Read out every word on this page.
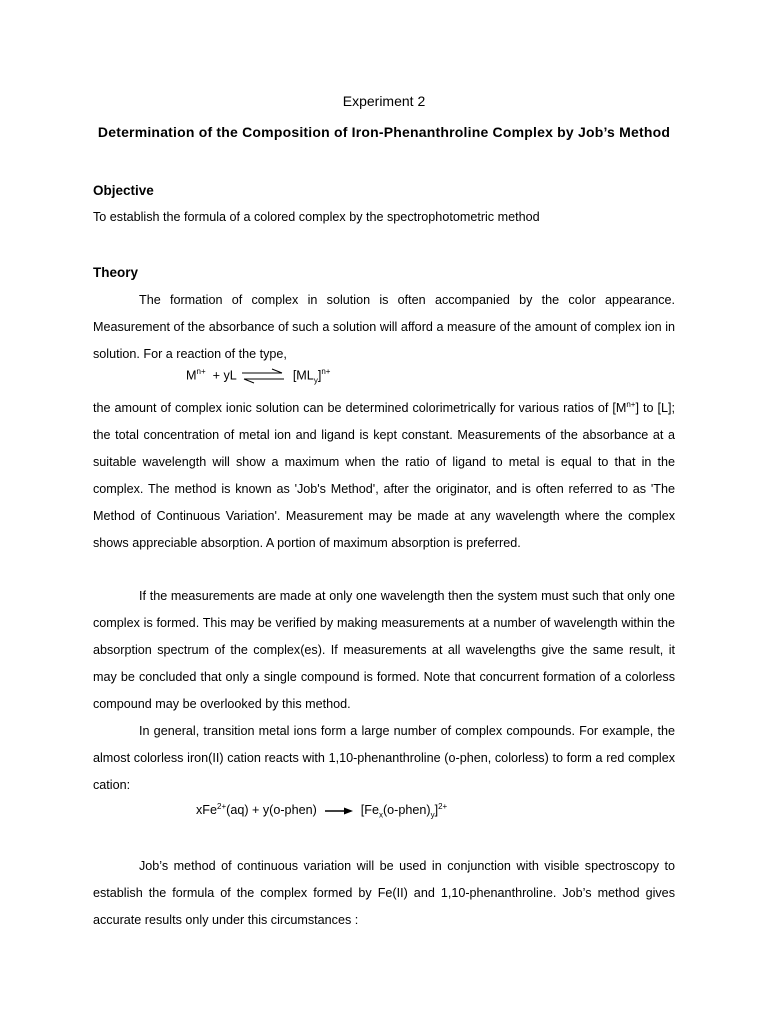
Experiment 2
Determination of the Composition of Iron-Phenanthroline Complex by Job’s Method
Objective
To establish the formula of a colored complex by the spectrophotometric method
Theory
The formation of complex in solution is often accompanied by the color appearance. Measurement of the absorbance of such a solution will afford a measure of the amount of complex ion in solution. For a reaction of the type,
$M^{n+}$ + yL ⇌ $[ML_y]^{n+}$
the amount of complex ionic solution can be determined colorimetrically for various ratios of $[M^{n+}]$ to [L]; the total concentration of metal ion and ligand is kept constant. Measurements of the absorbance at a suitable wavelength will show a maximum when the ratio of ligand to metal is equal to that in the complex. The method is known as 'Job's Method', after the originator, and is often referred to as 'The Method of Continuous Variation'. Measurement may be made at any wavelength where the complex shows appreciable absorption. A portion of maximum absorption is preferred.
If the measurements are made at only one wavelength then the system must such that only one complex is formed. This may be verified by making measurements at a number of wavelength within the absorption spectrum of the complex(es). If measurements at all wavelengths give the same result, it may be concluded that only a single compound is formed. Note that concurrent formation of a colorless compound may be overlooked by this method.
In general, transition metal ions form a large number of complex compounds. For example, the almost colorless iron(II) cation reacts with 1,10-phenanthroline (o-phen, colorless) to form a red complex cation:
xFe$^{2+}$(aq) + y(o-phen) → $[Fe_x(o-phen)_y]^{2+}$
Job’s method of continuous variation will be used in conjunction with visible spectroscopy to establish the formula of the complex formed by Fe(II) and 1,10-phenanthroline. Job’s method gives accurate results only under this circumstances :
